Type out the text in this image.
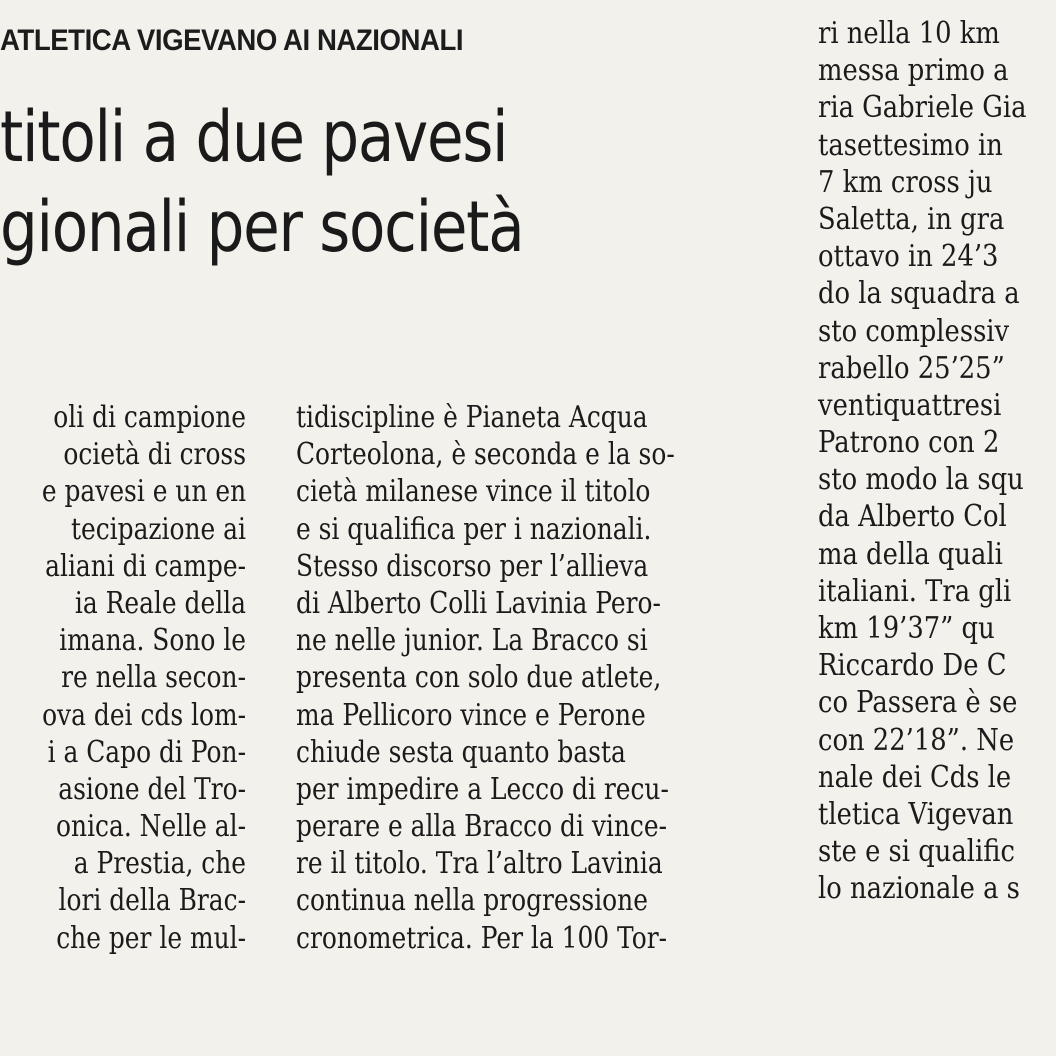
ATLETICA VIGEVANO AI NAZIONALI
titoli a due pavesi
gionali per società
oli di campione
ocietà di cross
e pavesi e un en
tecipazione ai
aliani di campe-
ia Reale della
imana. Sono le
re nella secon-
ova dei cds lom-
i a Capo di Pon-
asione del Tro-
onica. Nelle al-
a Prestia, che
lori della Brac-
che per le mul-
tidiscipline è Pianeta Acqua
Corteolona, è seconda e la so-
cietà milanese vince il titolo
e si qualifica per i nazionali.
Stesso discorso per l’allieva
di Alberto Colli Lavinia Pero-
ne nelle junior. La Bracco si
presenta con solo due atlete,
ma Pellicoro vince e Perone
chiude sesta quanto basta
per impedire a Lecco di recu-
perare e alla Bracco di vince-
re il titolo. Tra l’altro Lavinia
continua nella progressione
cronometrica. Per la 100 Tor-
ri nella 10 km
messa primo a
ria Gabriele Gia
tasettesimo in
7 km cross ju
Saletta, in gra
ottavo in 24’3
do la squadra a
sto complessiv
rabello 25’25”
ventiquattresi
Patrono con 2
sto modo la squ
da Alberto Col
ma della quali
italiani. Tra gli
km 19’37” qu
Riccardo De C
co Passera è se
con 22’18”. Ne
nale dei Cds le
tletica Vigevan
ste e si qualific
lo nazionale a s
